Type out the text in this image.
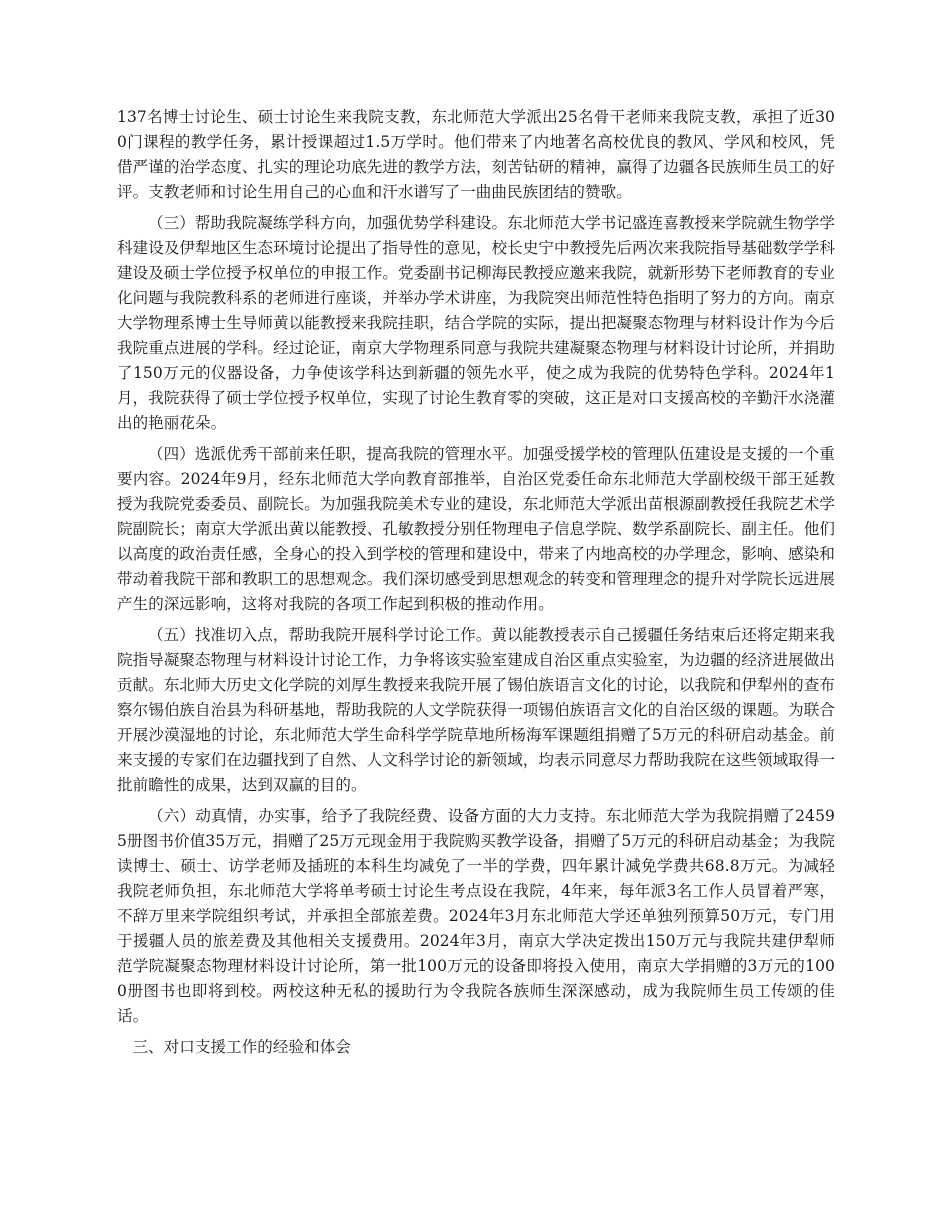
137名博士讨论生、硕士讨论生来我院支教，东北师范大学派出25名骨干老师来我院支教，承担了近300门课程的教学任务，累计授课超过1.5万学时。他们带来了内地著名高校优良的教风、学风和校风，凭借严谨的治学态度、扎实的理论功底先进的教学方法，刻苦钻研的精神，赢得了边疆各民族师生员工的好评。支教老师和讨论生用自己的心血和汗水谱写了一曲曲民族团结的赞歌。

（三）帮助我院凝练学科方向，加强优势学科建设。东北师范大学书记盛连喜教授来学院就生物学学科建设及伊犁地区生态环境讨论提出了指导性的意见，校长史宁中教授先后两次来我院指导基础数学学科建设及硕士学位授予权单位的申报工作。党委副书记柳海民教授应邀来我院，就新形势下老师教育的专业化问题与我院教科系的老师进行座谈，并举办学术讲座，为我院突出师范性特色指明了努力的方向。南京大学物理系博士生导师黄以能教授来我院挂职，结合学院的实际，提出把凝聚态物理与材料设计作为今后我院重点进展的学科。经过论证，南京大学物理系同意与我院共建凝聚态物理与材料设计讨论所，并捐助了150万元的仪器设备，力争使该学科达到新疆的领先水平，使之成为我院的优势特色学科。2024年1月，我院获得了硕士学位授予权单位，实现了讨论生教育零的突破，这正是对口支援高校的辛勤汗水浇灌出的艳丽花朵。

（四）选派优秀干部前来任职，提高我院的管理水平。加强受援学校的管理队伍建设是支援的一个重要内容。2024年9月，经东北师范大学向教育部推举，自治区党委任命东北师范大学副校级干部王延教授为我院党委委员、副院长。为加强我院美术专业的建设，东北师范大学派出苗根源副教授任我院艺术学院副院长；南京大学派出黄以能教授、孔敏教授分别任物理电子信息学院、数学系副院长、副主任。他们以高度的政治责任感，全身心的投入到学校的管理和建设中，带来了内地高校的办学理念，影响、感染和带动着我院干部和教职工的思想观念。我们深切感受到思想观念的转变和管理理念的提升对学院长远进展产生的深远影响，这将对我院的各项工作起到积极的推动作用。

（五）找准切入点，帮助我院开展科学讨论工作。黄以能教授表示自己援疆任务结束后还将定期来我院指导凝聚态物理与材料设计讨论工作，力争将该实验室建成自治区重点实验室，为边疆的经济进展做出贡献。东北师大历史文化学院的刘厚生教授来我院开展了锡伯族语言文化的讨论，以我院和伊犁州的查布察尔锡伯族自治县为科研基地，帮助我院的人文学院获得一项锡伯族语言文化的自治区级的课题。为联合开展沙漠湿地的讨论，东北师范大学生命科学学院草地所杨海军课题组捐赠了5万元的科研启动基金。前来支援的专家们在边疆找到了自然、人文科学讨论的新领域，均表示同意尽力帮助我院在这些领域取得一批前瞻性的成果，达到双赢的目的。

（六）动真情，办实事，给予了我院经费、设备方面的大力支持。东北师范大学为我院捐赠了24595册图书价值35万元，捐赠了25万元现金用于我院购买教学设备，捐赠了5万元的科研启动基金；为我院读博士、硕士、访学老师及插班的本科生均减免了一半的学费，四年累计减免学费共68.8万元。为减轻我院老师负担，东北师范大学将单考硕士讨论生考点设在我院，4年来，每年派3名工作人员冒着严寒，不辞万里来学院组织考试，并承担全部旅差费。2024年3月东北师范大学还单独列预算50万元，专门用于援疆人员的旅差费及其他相关支援费用。2024年3月，南京大学决定拨出150万元与我院共建伊犁师范学院凝聚态物理材料设计讨论所，第一批100万元的设备即将投入使用，南京大学捐赠的3万元的1000册图书也即将到校。两校这种无私的援助行为令我院各族师生深深感动，成为我院师生员工传颂的佳话。

三、对口支援工作的经验和体会
